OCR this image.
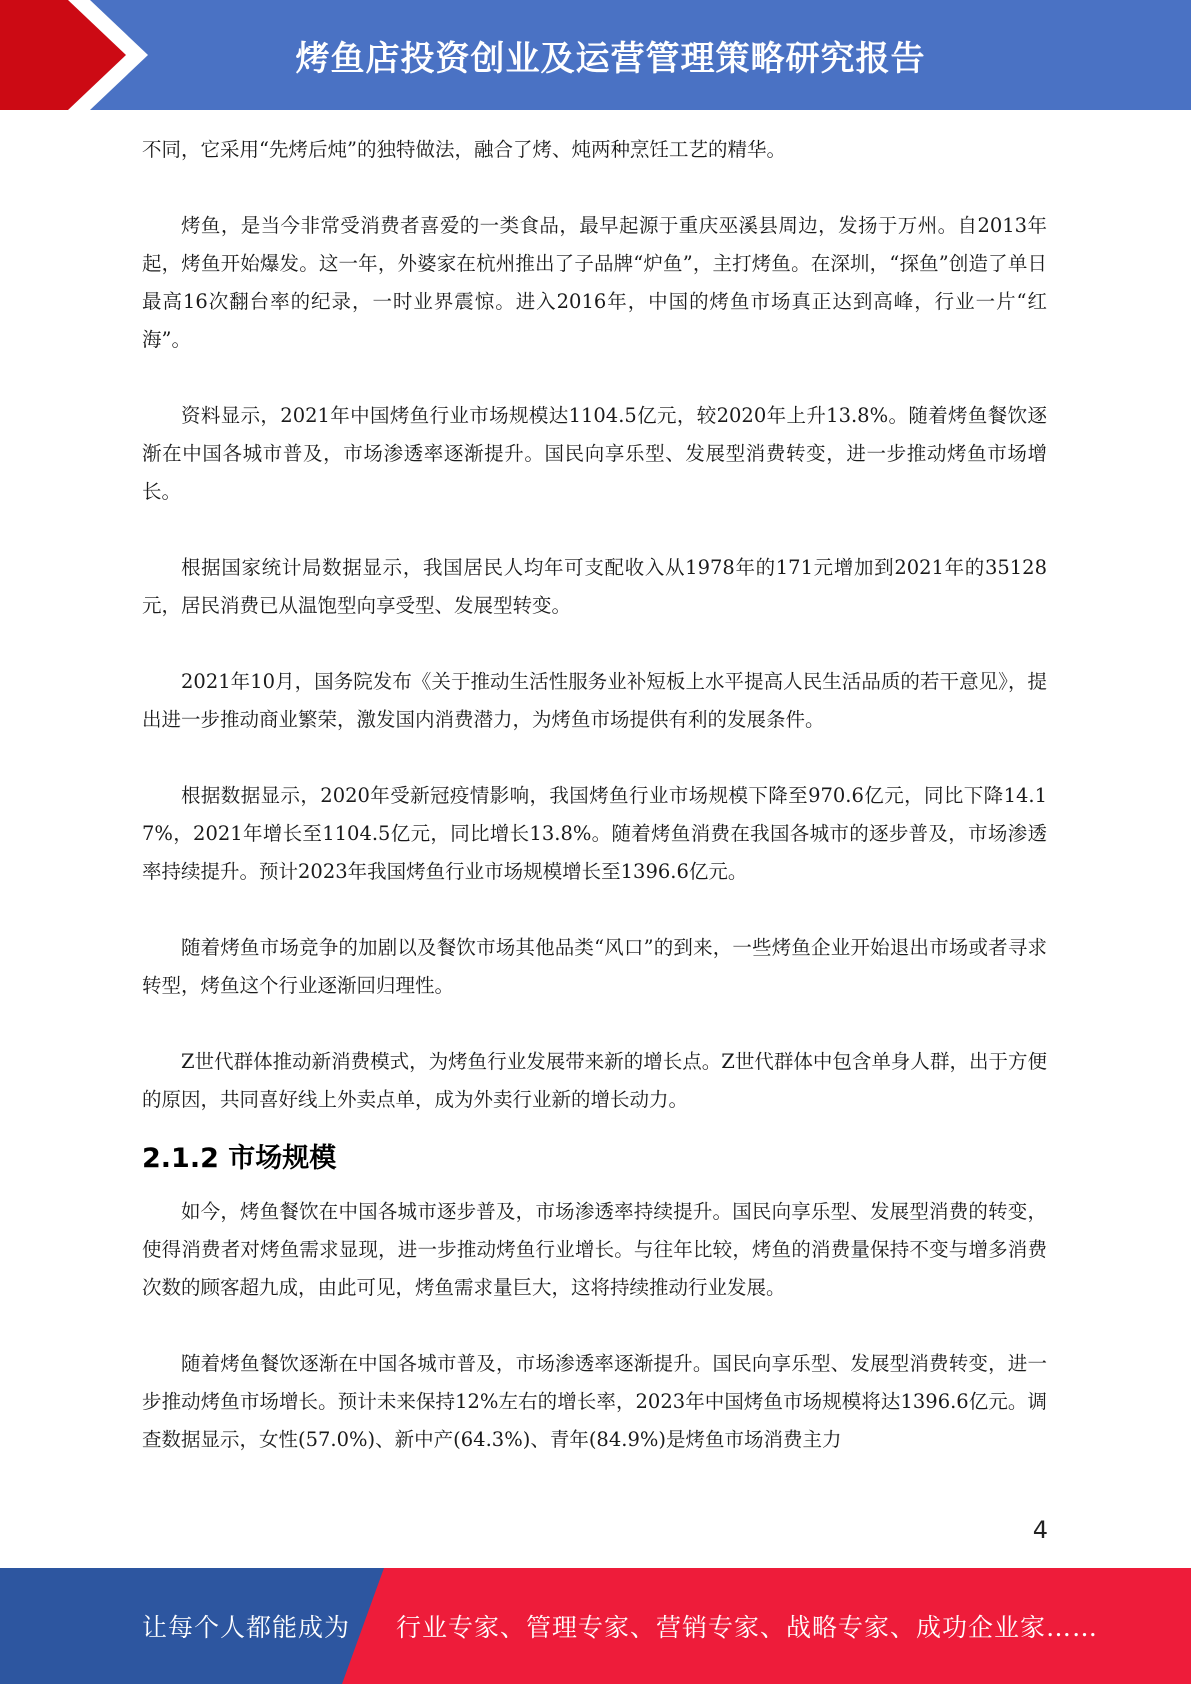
烤鱼店投资创业及运营管理策略研究报告

不同，它采用“先烤后炖”的独特做法，融合了烤、炖两种烹饪工艺的精华。

烤鱼，是当今非常受消费者喜爱的一类食品，最早起源于重庆巫溪县周边，发扬于万州。自2013年起，烤鱼开始爆发。这一年，外婆家在杭州推出了子品牌“炉鱼”，主打烤鱼。在深圳，“探鱼”创造了单日最高16次翻台率的纪录，一时业界震惊。进入2016年，中国的烤鱼市场真正达到高峰，行业一片“红海”。

资料显示，2021年中国烤鱼行业市场规模达1104.5亿元，较2020年上升13.8%。随着烤鱼餐饮逐渐在中国各城市普及，市场渗透率逐渐提升。国民向享乐型、发展型消费转变，进一步推动烤鱼市场增长。

根据国家统计局数据显示，我国居民人均年可支配收入从1978年的171元增加到2021年的35128元，居民消费已从温饱型向享受型、发展型转变。

2021年10月，国务院发布《关于推动生活性服务业补短板上水平提高人民生活品质的若干意见》，提出进一步推动商业繁荣，激发国内消费潜力，为烤鱼市场提供有利的发展条件。

根据数据显示，2020年受新冠疫情影响，我国烤鱼行业市场规模下降至970.6亿元，同比下降14.17%，2021年增长至1104.5亿元，同比增长13.8%。随着烤鱼消费在我国各城市的逐步普及，市场渗透率持续提升。预计2023年我国烤鱼行业市场规模增长至1396.6亿元。

随着烤鱼市场竞争的加剧以及餐饮市场其他品类“风口”的到来，一些烤鱼企业开始退出市场或者寻求转型，烤鱼这个行业逐渐回归理性。

Z世代群体推动新消费模式，为烤鱼行业发展带来新的增长点。Z世代群体中包含单身人群，出于方便的原因，共同喜好线上外卖点单，成为外卖行业新的增长动力。

2.1.2 市场规模

如今，烤鱼餐饮在中国各城市逐步普及，市场渗透率持续提升。国民向享乐型、发展型消费的转变，使得消费者对烤鱼需求显现，进一步推动烤鱼行业增长。与往年比较，烤鱼的消费量保持不变与增多消费次数的顾客超九成，由此可见，烤鱼需求量巨大，这将持续推动行业发展。

随着烤鱼餐饮逐渐在中国各城市普及，市场渗透率逐渐提升。国民向享乐型、发展型消费转变，进一步推动烤鱼市场增长。预计未来保持12%左右的增长率，2023年中国烤鱼市场规模将达1396.6亿元。调查数据显示，女性(57.0%)、新中产(64.3%)、青年(84.9%)是烤鱼市场消费主力

4
让每个人都能成为 行业专家、管理专家、营销专家、战略专家、成功企业家……
